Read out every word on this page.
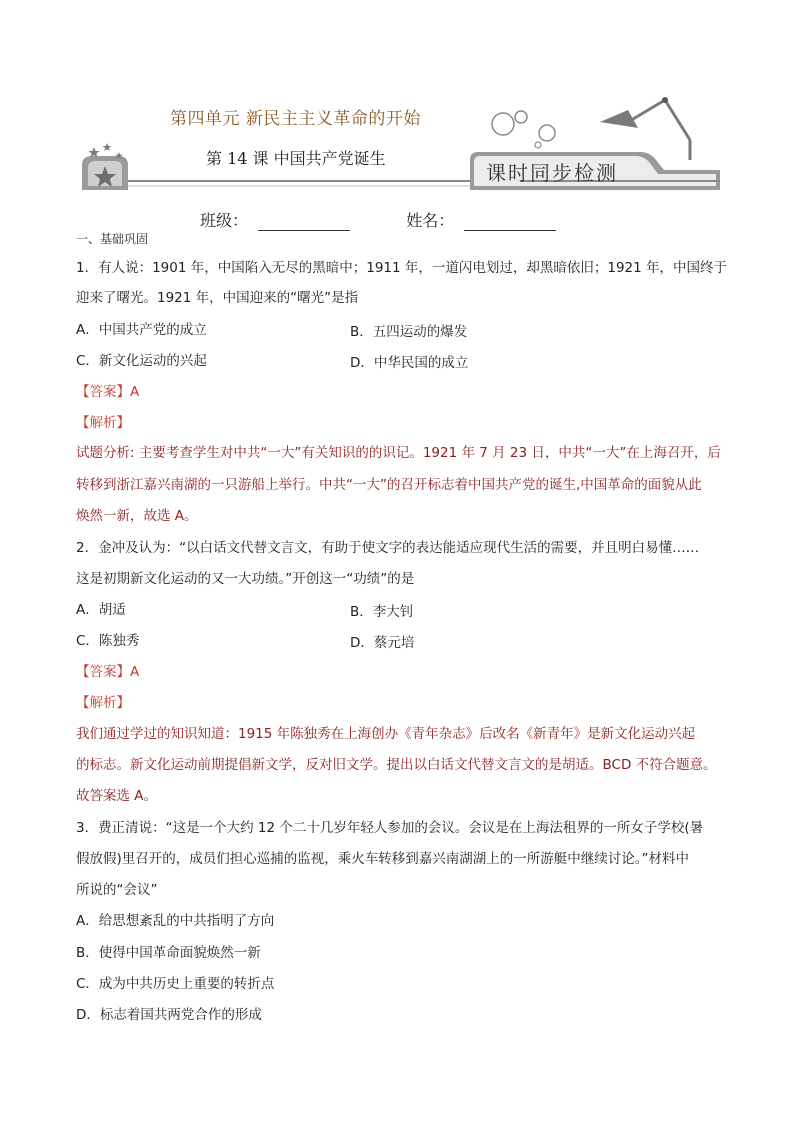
第四单元 新民主主义革命的开始
第 14 课 中国共产党诞生
课时同步检测
班级：	姓名：
一、基础巩固
1．有人说：1901 年，中国陷入无尽的黑暗中；1911 年，一道闪电划过，却黑暗依旧；1921 年，中国终于
迎来了曙光。1921 年，中国迎来的“曙光”是指
A．中国共产党的成立	B．五四运动的爆发
C．新文化运动的兴起	D．中华民国的成立
【答案】A
【解析】
试题分析: 主要考查学生对中共“一大”有关知识的的识记。1921 年 7 月 23 日，中共“一大”在上海召开，后
转移到浙江嘉兴南湖的一只游船上举行。中共“一大”的召开标志着中国共产党的诞生,中国革命的面貌从此
焕然一新，故选 A。
2．金冲及认为：“以白话文代替文言文，有助于使文字的表达能适应现代生活的需要，并且明白易懂……
这是初期新文化运动的又一大功绩。”开创这一“功绩”的是
A．胡适	B．李大钊
C．陈独秀	D．蔡元培
【答案】A
【解析】
我们通过学过的知识知道：1915 年陈独秀在上海创办《青年杂志》后改名《新青年》是新文化运动兴起
的标志。新文化运动前期提倡新文学，反对旧文学。提出以白话文代替文言文的是胡适。BCD 不符合题意。
故答案选 A。
3．费正清说：“这是一个大约 12 个二十几岁年轻人参加的会议。会议是在上海法租界的一所女子学校(暑
假放假)里召开的，成员们担心巡捕的监视，乘火车转移到嘉兴南湖湖上的一所游艇中继续讨论。”材料中
所说的“会议”
A．给思想紊乱的中共指明了方向
B．使得中国革命面貌焕然一新
C．成为中共历史上重要的转折点
D．标志着国共两党合作的形成
